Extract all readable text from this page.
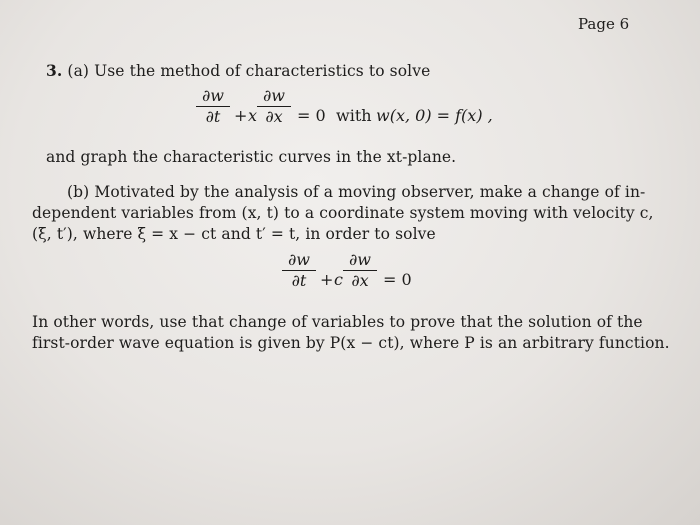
Page 6
3. (a) Use the method of characteristics to solve
∂w
∂t + x
∂w
∂x = 0 with w(x, 0) = f(x) ,
and graph the characteristic curves in the xt-plane.
(b) Motivated by the analysis of a moving observer, make a change of in-
dependent variables from (x, t) to a coordinate system moving with velocity c,
(ξ, t′), where ξ = x − ct and t′ = t, in order to solve
∂w
∂t + c
∂w
∂x = 0
In other words, use that change of variables to prove that the solution of the
first-order wave equation is given by P(x − ct), where P is an arbitrary function.
